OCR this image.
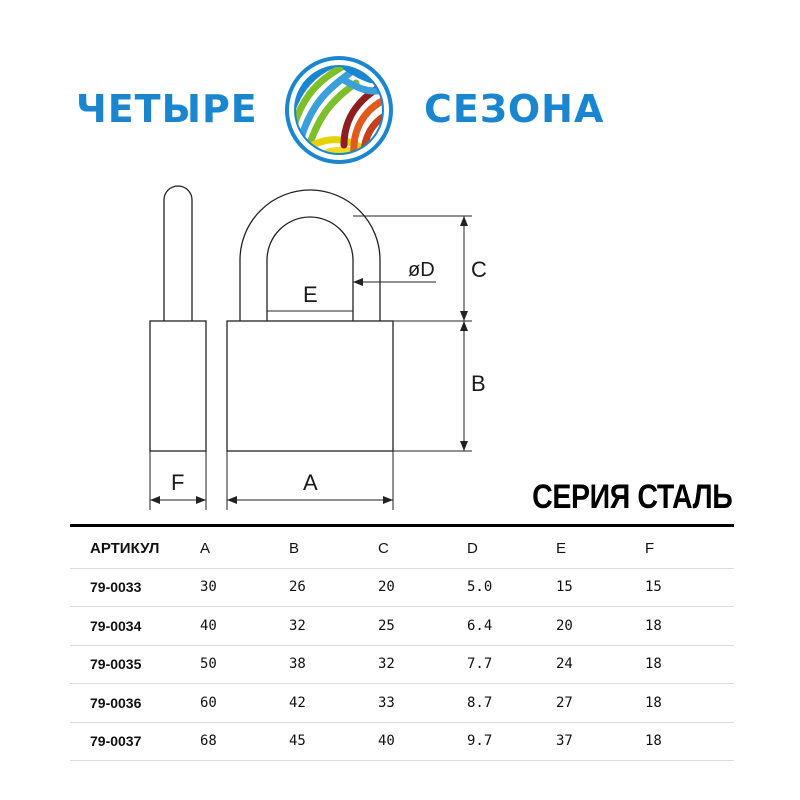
ЧЕТЫРЕ	СЕЗОНА
C
B
øD
E
F	A	СЕРИЯ СТАЛЬ
АРТИКУЛ	A	B	C	D	E	F
79-0033	30	26	20	5.0	15	15
79-0034	40	32	25	6.4	20	18
79-0035	50	38	32	7.7	24	18
79-0036	60	42	33	8.7	27	18
79-0037	68	45	40	9.7	37	18
